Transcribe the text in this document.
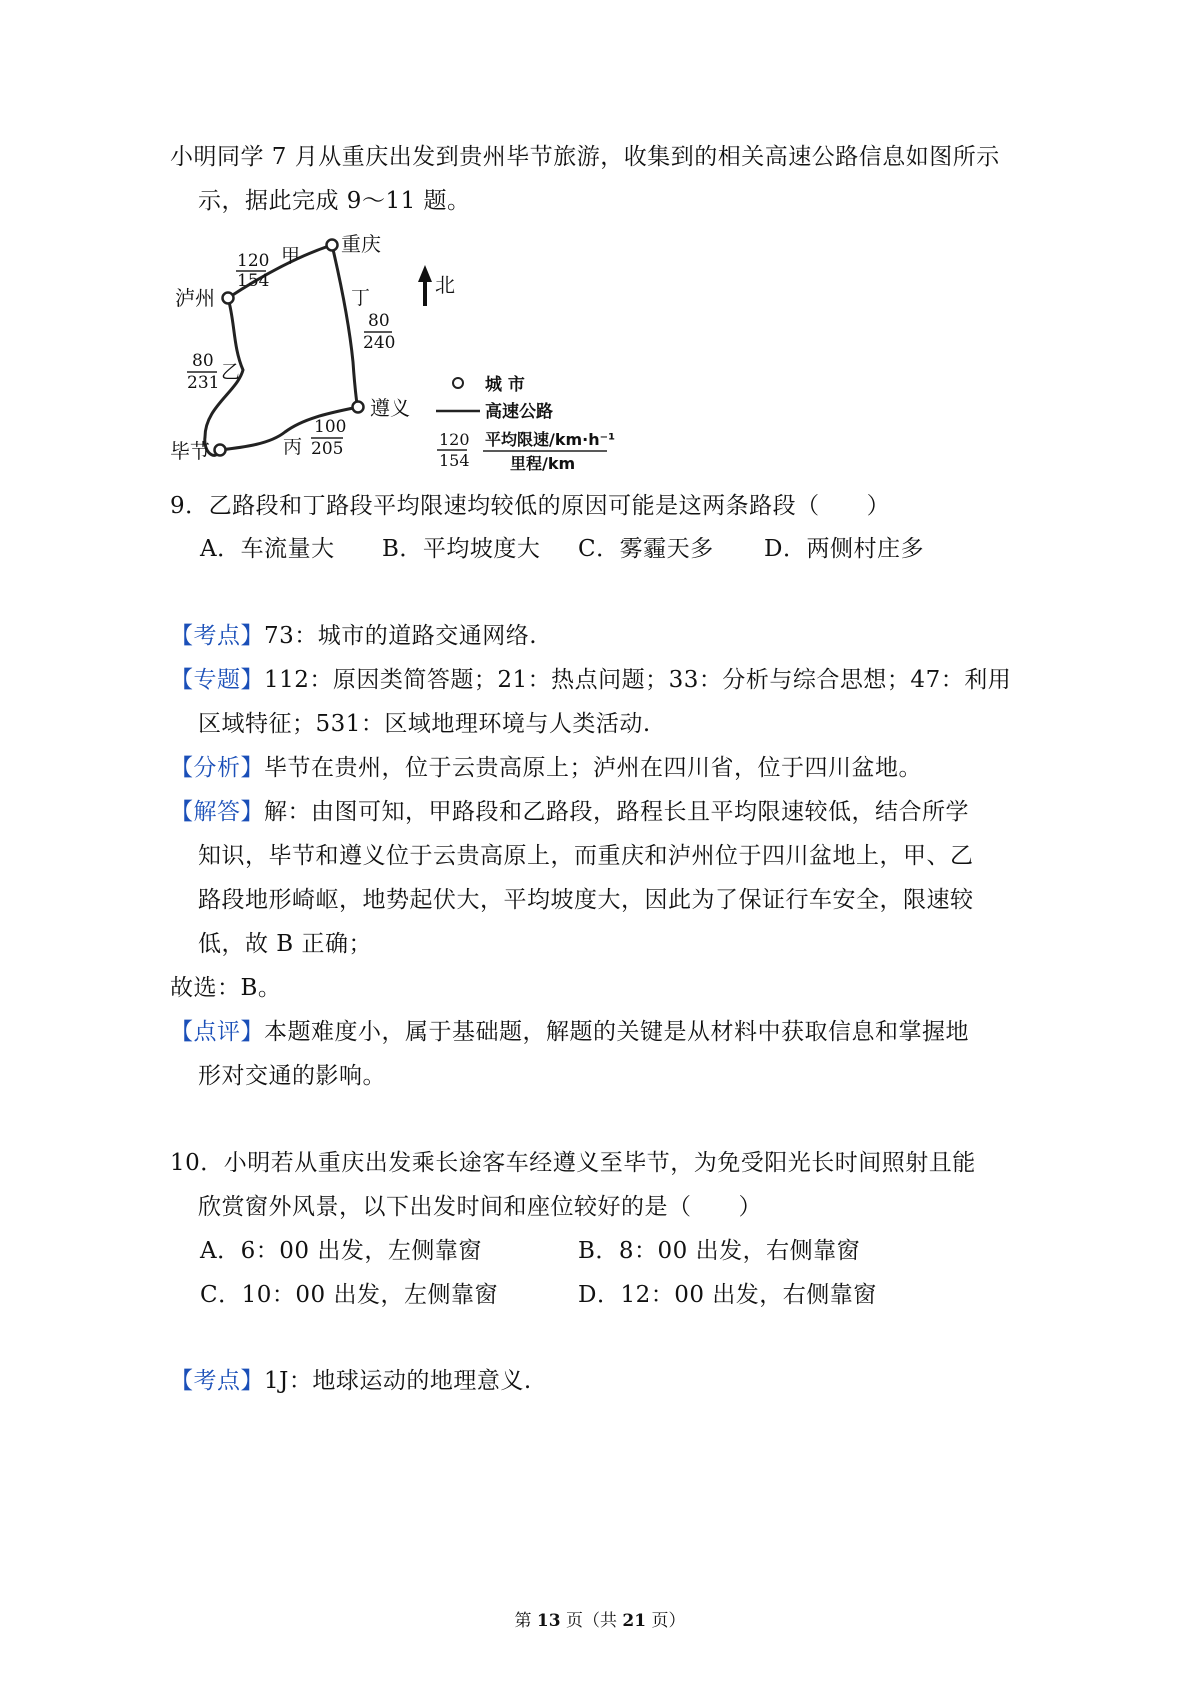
小明同学 7 月从重庆出发到贵州毕节旅游，收集到的相关高速公路信息如图所示
示，据此完成 9～11 题。
重庆
泸州
遵义
毕节
甲
120
154
丁
80
240
乙
80
231
丙
100
205
北
城 市
高速公路
120
154
平均限速/km·h⁻¹
里程/km
9．乙路段和丁路段平均限速均较低的原因可能是这两条路段（　　）
A．车流量大 B．平均坡度大 C．雾霾天多 D．两侧村庄多
【考点】73：城市的道路交通网络.
【专题】112：原因类简答题；21：热点问题；33：分析与综合思想；47：利用
区域特征；531：区域地理环境与人类活动.
【分析】毕节在贵州，位于云贵高原上；泸州在四川省，位于四川盆地。
【解答】解：由图可知，甲路段和乙路段，路程长且平均限速较低，结合所学
知识，毕节和遵义位于云贵高原上，而重庆和泸州位于四川盆地上，甲、乙
路段地形崎岖，地势起伏大，平均坡度大，因此为了保证行车安全，限速较
低，故 B 正确；
故选：B。
【点评】本题难度小，属于基础题，解题的关键是从材料中获取信息和掌握地
形对交通的影响。
10．小明若从重庆出发乘长途客车经遵义至毕节，为免受阳光长时间照射且能
欣赏窗外风景，以下出发时间和座位较好的是（　　）
A．6：00 出发，左侧靠窗	B．8：00 出发，右侧靠窗
C．10：00 出发，左侧靠窗	D．12：00 出发，右侧靠窗
【考点】1J：地球运动的地理意义.
第 13 页（共 21 页）
